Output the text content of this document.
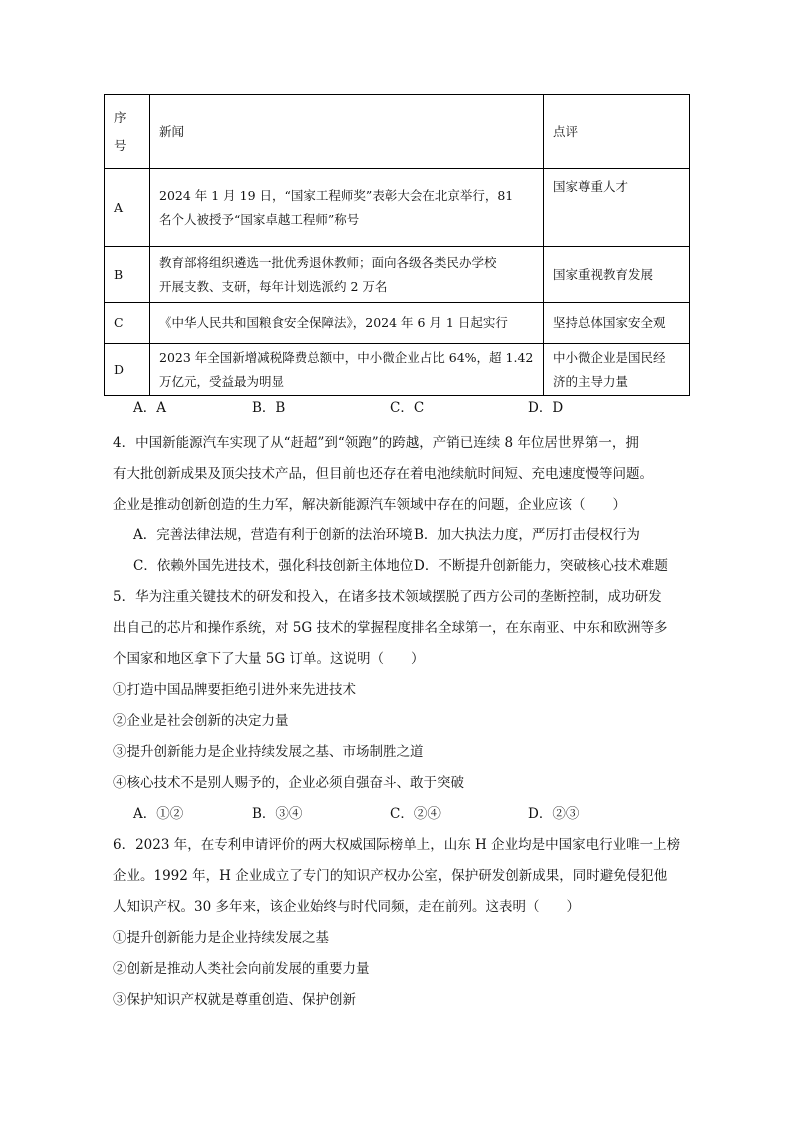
序
号	新闻	点评
A	2024 年 1 月 19 日，“国家工程师奖”表彰大会在北京举行，81
名个人被授予“国家卓越工程师”称号	国家尊重人才
B	教育部将组织遴选一批优秀退休教师；面向各级各类民办学校
开展支教、支研，每年计划选派约 2 万名	国家重视教育发展
C	《中华人民共和国粮食安全保障法》，2024 年 6 月 1 日起实行	坚持总体国家安全观
D	2023 年全国新增减税降费总额中，中小微企业占比 64%，超 1.42
万亿元，受益最为明显	中小微企业是国民经
济的主导力量
A．A	B．B	C．C	D．D
4．中国新能源汽车实现了从“赶超”到“领跑”的跨越，产销已连续 8 年位居世界第一，拥
有大批创新成果及顶尖技术产品，但目前也还存在着电池续航时间短、充电速度慢等问题。
企业是推动创新创造的生力军，解决新能源汽车领域中存在的问题，企业应该（　　）
A．完善法律法规，营造有利于创新的法治环境 B．加大执法力度，严厉打击侵权行为
C．依赖外国先进技术，强化科技创新主体地位 D．不断提升创新能力，突破核心技术难题
5．华为注重关键技术的研发和投入，在诸多技术领域摆脱了西方公司的垄断控制，成功研发
出自己的芯片和操作系统，对 5G 技术的掌握程度排名全球第一，在东南亚、中东和欧洲等多
个国家和地区拿下了大量 5G 订单。这说明（　　）
①打造中国品牌要拒绝引进外来先进技术
②企业是社会创新的决定力量
③提升创新能力是企业持续发展之基、市场制胜之道
④核心技术不是别人赐予的，企业必须自强奋斗、敢于突破
A．①②	B．③④	C．②④	D．②③
6．2023 年，在专利申请评价的两大权威国际榜单上，山东 H 企业均是中国家电行业唯一上榜
企业。1992 年，H 企业成立了专门的知识产权办公室，保护研发创新成果，同时避免侵犯他
人知识产权。30 多年来，该企业始终与时代同频，走在前列。这表明（　　）
①提升创新能力是企业持续发展之基
②创新是推动人类社会向前发展的重要力量
③保护知识产权就是尊重创造、保护创新
